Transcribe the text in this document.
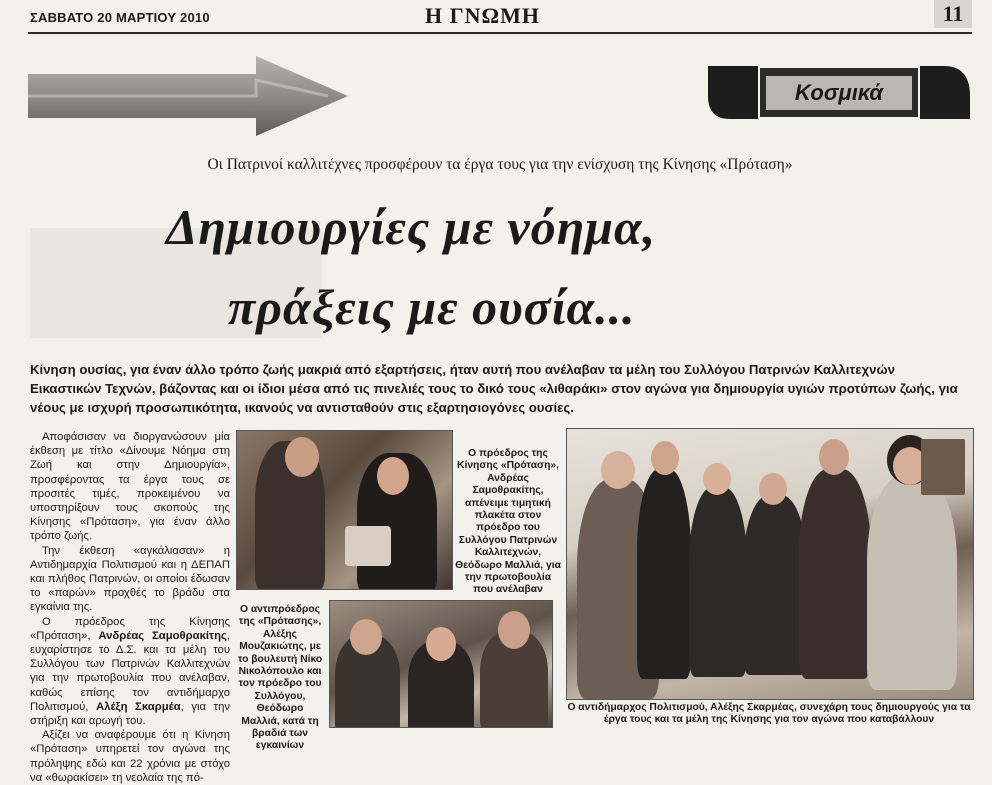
ΣΑΒΒΑΤΟ 20 ΜΑΡΤΙΟΥ 2010	Η ΓΝΩΜΗ	11
Κοσμικά
Οι Πατρινοί καλλιτέχνες προσφέρουν τα έργα τους για την ενίσχυση της Κίνησης «Πρόταση»
Δημιουργίες με νόημα,
πράξεις με ουσία...
Κίνηση ουσίας, για έναν άλλο τρόπο ζωής μακριά από εξαρτήσεις, ήταν αυτή που ανέλαβαν τα μέλη του Συλλόγου Πατρινών Καλλιτεχνών Εικαστικών Τεχνών, βάζοντας και οι ίδιοι μέσα από τις πινελιές τους το δικό τους «λιθαράκι» στον αγώνα για δημιουργία υγιών προτύπων ζωής, για νέους με ισχυρή προσωπικότητα, ικανούς να αντισταθούν στις εξαρτησιογόνες ουσίες.

Αποφάσισαν να διοργανώσουν μία έκθεση με τίτλο «Δίνουμε Νόημα στη Ζωή και στην Δημιουργία», προσφέροντας τα έργα τους σε προσιτές τιμές, προκειμένου να υποστηρίξουν τους σκοπούς της Κίνησης «Πρόταση», για έναν άλλο τρόπο ζωής.

Την έκθεση «αγκάλιασαν» η Αντιδημαρχία Πολιτισμού και η ΔΕΠΑΠ και πλήθος Πατρινών, οι οποίοι έδωσαν το «παρών» προχθές το βράδυ στα εγκαίνια της.

Ο πρόεδρος της Κίνησης «Πρόταση», Ανδρέας Σαμοθρακίτης, ευχαρίστησε το Δ.Σ. και τα μέλη του Συλλόγου των Πατρινών Καλλιτεχνών για την πρωτοβουλία που ανέλαβαν, καθώς επίσης τον αντιδήμαρχο Πολιτισμού, Αλέξη Σκαρμέα, για την στήριξη και αρωγή του.

Αξίζει να αναφέρουμε ότι η Κίνηση «Πρόταση» υπηρετεί τον αγώνα της πρόληψης εδώ και 22 χρόνια με στόχο να «θωρακίσει» τη νεολαία της πό-

Ο πρόεδρος της Κίνησης «Πρόταση», Ανδρέας Σαμοθρακίτης, απένειμε τιμητική πλακέτα στον πρόεδρο του Συλλόγου Πατρινών Καλλιτεχνών, Θεόδωρο Μαλλιά, για την πρωτοβουλία που ανέλαβαν
Ο αντιπρόεδρος της «Πρότασης», Αλέξης Μουζακιώτης, με το βουλευτή Νίκο Νικολόπουλο και τον πρόεδρο του Συλλόγου, Θεόδωρο Μαλλιά, κατά τη βραδιά των εγκαινίων
Ο αντιδήμαρχος Πολιτισμού, Αλέξης Σκαρμέας, συνεχάρη τους δημιουργούς για τα έργα τους και τα μέλη της Κίνησης για τον αγώνα που καταβάλλουν
